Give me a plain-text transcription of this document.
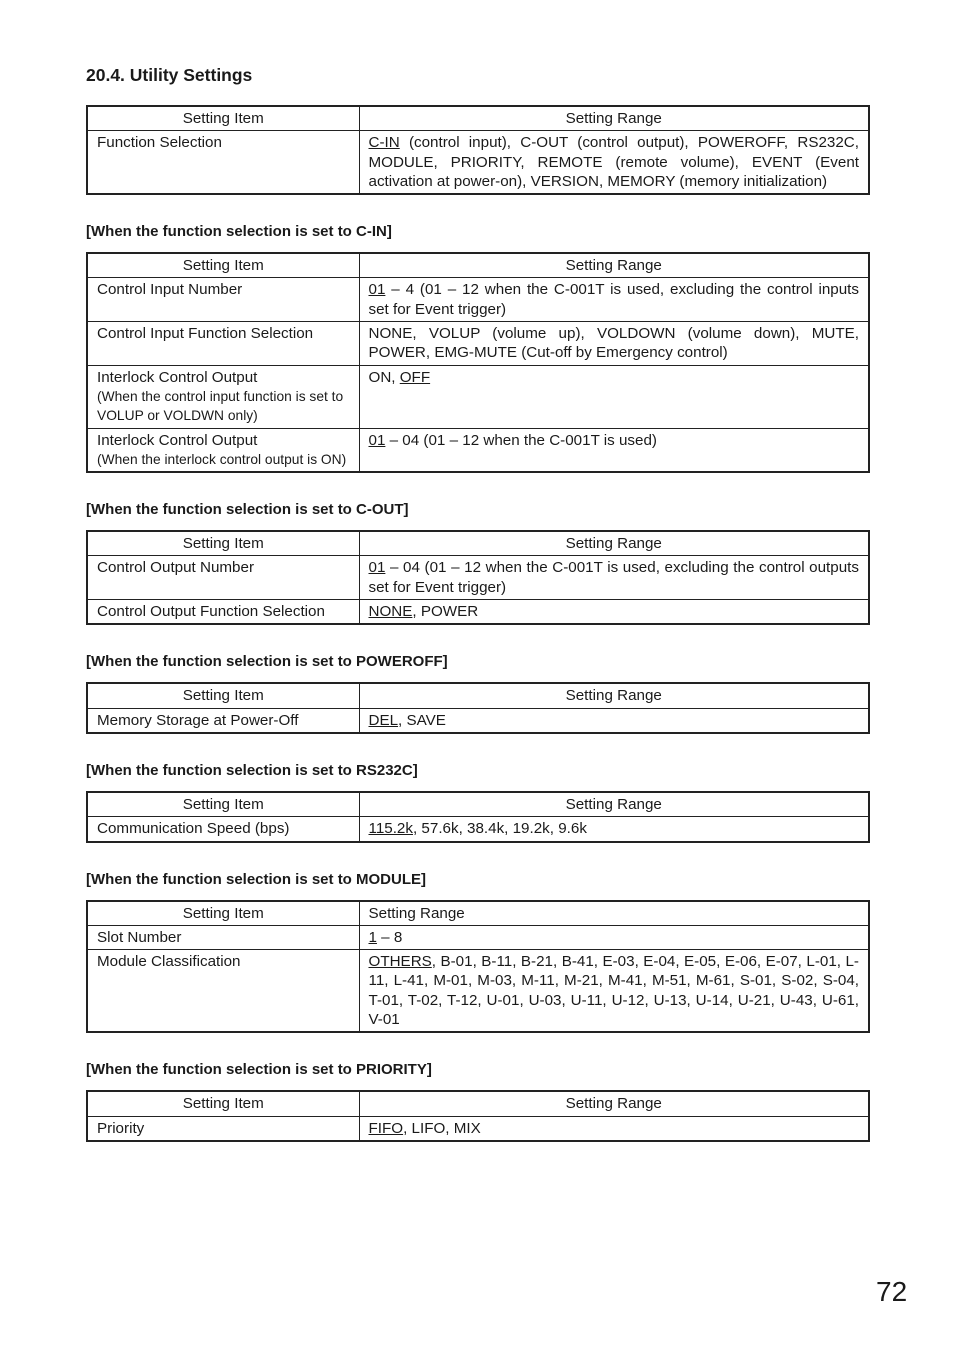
20.4. Utility Settings
Setting Item	Setting Range
Function Selection	C-IN (control input), C-OUT (control output), POWEROFF, RS232C, MODULE, PRIORITY, REMOTE (remote volume), EVENT (Event activation at power-on), VERSION, MEMORY (memory initialization)
[When the function selection is set to C-IN]
Setting Item	Setting Range
Control Input Number	01 – 4 (01 – 12 when the C-001T is used, excluding the control inputs set for Event trigger)
Control Input Function Selection	NONE, VOLUP (volume up), VOLDOWN (volume down), MUTE, POWER, EMG-MUTE (Cut-off by Emergency control)
Interlock Control Output
(When the control input function is set to VOLUP or VOLDWN only)	ON, OFF
Interlock Control Output
(When the interlock control output is ON)	01 – 04 (01 – 12 when the C-001T is used)
[When the function selection is set to C-OUT]
Setting Item	Setting Range
Control Output Number	01 – 04 (01 – 12 when the C-001T is used, excluding the control outputs set for Event trigger)
Control Output Function Selection	NONE, POWER
[When the function selection is set to POWEROFF]
Setting Item	Setting Range
Memory Storage at Power-Off	DEL, SAVE
[When the function selection is set to RS232C]
Setting Item	Setting Range
Communication Speed (bps)	115.2k, 57.6k, 38.4k, 19.2k, 9.6k
[When the function selection is set to MODULE]
Setting Item	Setting Range
Slot Number	1 – 8
Module Classification	OTHERS, B-01, B-11, B-21, B-41, E-03, E-04, E-05, E-06, E-07, L-01, L-11, L-41, M-01, M-03, M-11, M-21, M-41, M-51, M-61, S-01, S-02, S-04, T-01, T-02, T-12, U-01, U-03, U-11, U-12, U-13, U-14, U-21, U-43, U-61, V-01
[When the function selection is set to PRIORITY]
Setting Item	Setting Range
Priority	FIFO, LIFO, MIX
72
